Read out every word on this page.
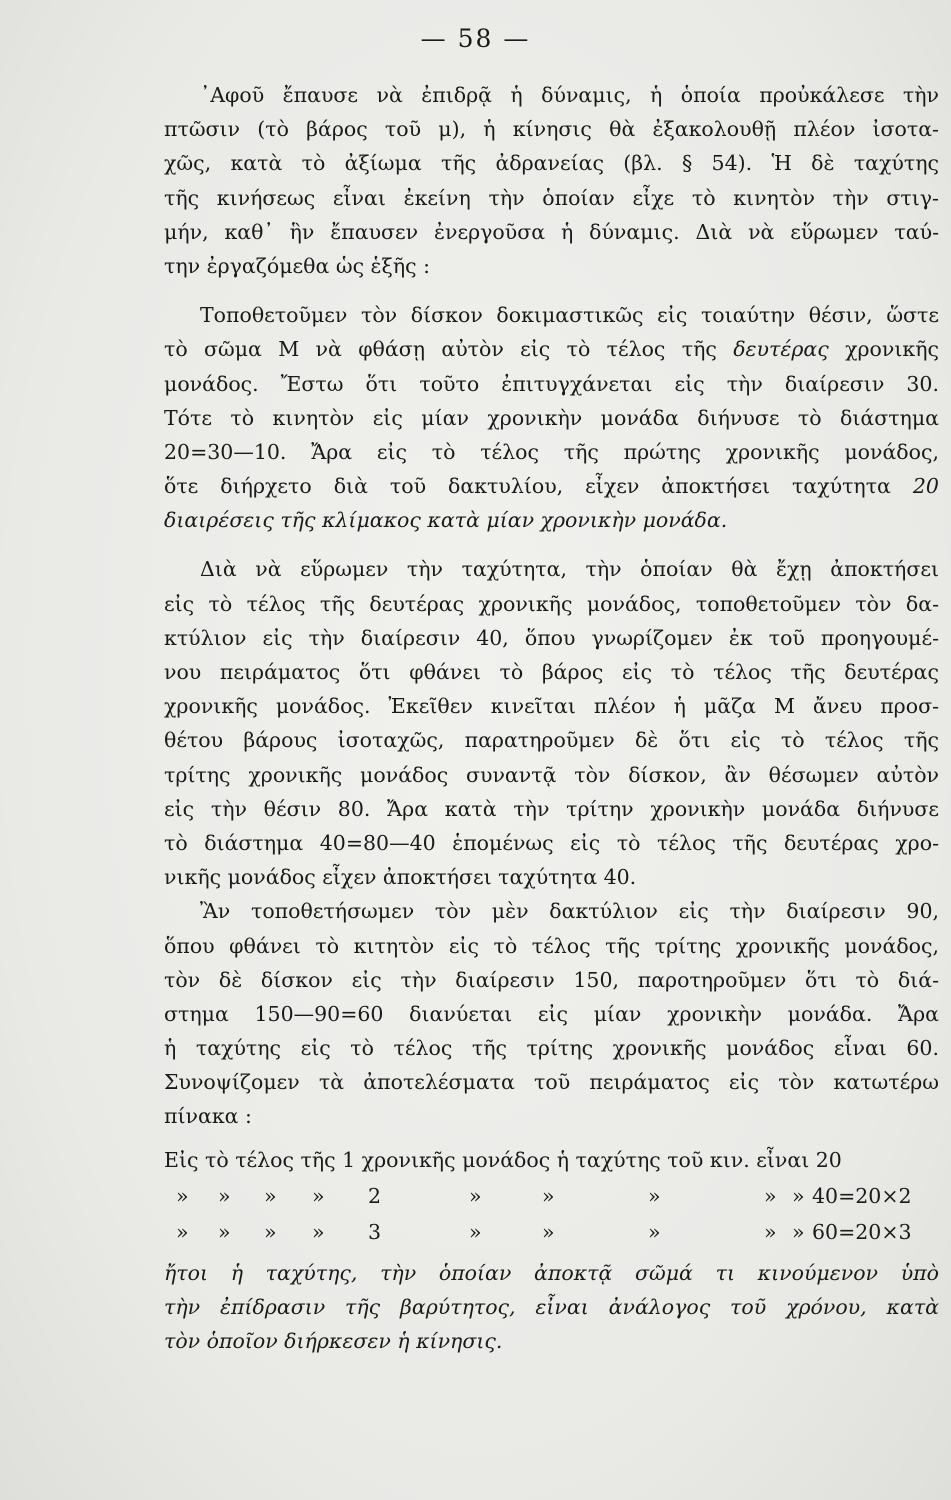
— 58 —
᾽Αφοῦ ἔπαυσε νὰ ἐπιδρᾷ ἡ δύναμις, ἡ ὁποία προὐκάλεσε τὴν
πτῶσιν (τὸ βάρος τοῦ μ), ἡ κίνησις θὰ ἐξακολουθῇ πλέον ἰσοτα-
χῶς, κατὰ τὸ ἀξίωμα τῆς ἀδρανείας (βλ. § 54). Ἡ δὲ ταχύτης
τῆς κινήσεως εἶναι ἐκείνη τὴν ὁποίαν εἶχε τὸ κινητὸν τὴν στιγ-
μήν, καθ᾽ ἣν ἔπαυσεν ἐνεργοῦσα ἡ δύναμις. Διὰ νὰ εὕρωμεν ταύ-
την ἐργαζόμεθα ὡς ἑξῆς :
Τοποθετοῦμεν τὸν δίσκον δοκιμαστικῶς εἰς τοιαύτην θέσιν, ὥστε
τὸ σῶμα Μ νὰ φθάσῃ αὐτὸν εἰς τὸ τέλος τῆς δευτέρας χρονικῆς
μονάδος. Ἔστω ὅτι τοῦτο ἐπιτυγχάνεται εἰς τὴν διαίρεσιν 30.
Τότε τὸ κινητὸν εἰς μίαν χρονικὴν μονάδα διήνυσε τὸ διάστημα
20=30—10. Ἄρα εἰς τὸ τέλος τῆς πρώτης χρονικῆς μονάδος,
ὅτε διήρχετο διὰ τοῦ δακτυλίου, εἶχεν ἀποκτήσει ταχύτητα 20
διαιρέσεις τῆς κλίμακος κατὰ μίαν χρονικὴν μονάδα.
Διὰ νὰ εὕρωμεν τὴν ταχύτητα, τὴν ὁποίαν θὰ ἔχῃ ἀποκτήσει
εἰς τὸ τέλος τῆς δευτέρας χρονικῆς μονάδος, τοποθετοῦμεν τὸν δα-
κτύλιον εἰς τὴν διαίρεσιν 40, ὅπου γνωρίζομεν ἐκ τοῦ προηγουμέ-
νου πειράματος ὅτι φθάνει τὸ βάρος εἰς τὸ τέλος τῆς δευτέρας
χρονικῆς μονάδος. Ἐκεῖθεν κινεῖται πλέον ἡ μᾶζα Μ ἄνευ προσ-
θέτου βάρους ἰσοταχῶς, παρατηροῦμεν δὲ ὅτι εἰς τὸ τέλος τῆς
τρίτης χρονικῆς μονάδος συναντᾷ τὸν δίσκον, ἂν θέσωμεν αὐτὸν
εἰς τὴν θέσιν 80. Ἄρα κατὰ τὴν τρίτην χρονικὴν μονάδα διήνυσε
τὸ διάστημα 40=80—40 ἑπομένως εἰς τὸ τέλος τῆς δευτέρας χρο-
νικῆς μονάδος εἶχεν ἀποκτήσει ταχύτητα 40.
Ἂν τοποθετήσωμεν τὸν μὲν δακτύλιον εἰς τὴν διαίρεσιν 90,
ὅπου φθάνει τὸ κιτητὸν εἰς τὸ τέλος τῆς τρίτης χρονικῆς μονάδος,
τὸν δὲ δίσκον εἰς τὴν διαίρεσιν 150, παροτηροῦμεν ὅτι τὸ διά-
στημα 150—90=60 διανύεται εἰς μίαν χρονικὴν μονάδα. Ἄρα
ἡ ταχύτης εἰς τὸ τέλος τῆς τρίτης χρονικῆς μονάδος εἶναι 60.
Συνοψίζομεν τὰ ἀποτελέσματα τοῦ πειράματος εἰς τὸν κατωτέρω
πίνακα :
Εἰς τὸ τέλος τῆς 1 χρονικῆς μονάδος ἡ ταχύτης τοῦ κιν. εἶναι 20
» » » » 2	»	»	»	» » 40=20×2
» » » » 3	»	»	»	» » 60=20×3
ἤτοι ἡ ταχύτης, τὴν ὁποίαν ἀποκτᾷ σῶμά τι κινούμενον ὑπὸ
τὴν ἐπίδρασιν τῆς βαρύτητος, εἶναι ἀνάλογος τοῦ χρόνου, κατὰ
τὸν ὁποῖον διήρκεσεν ἡ κίνησις.
